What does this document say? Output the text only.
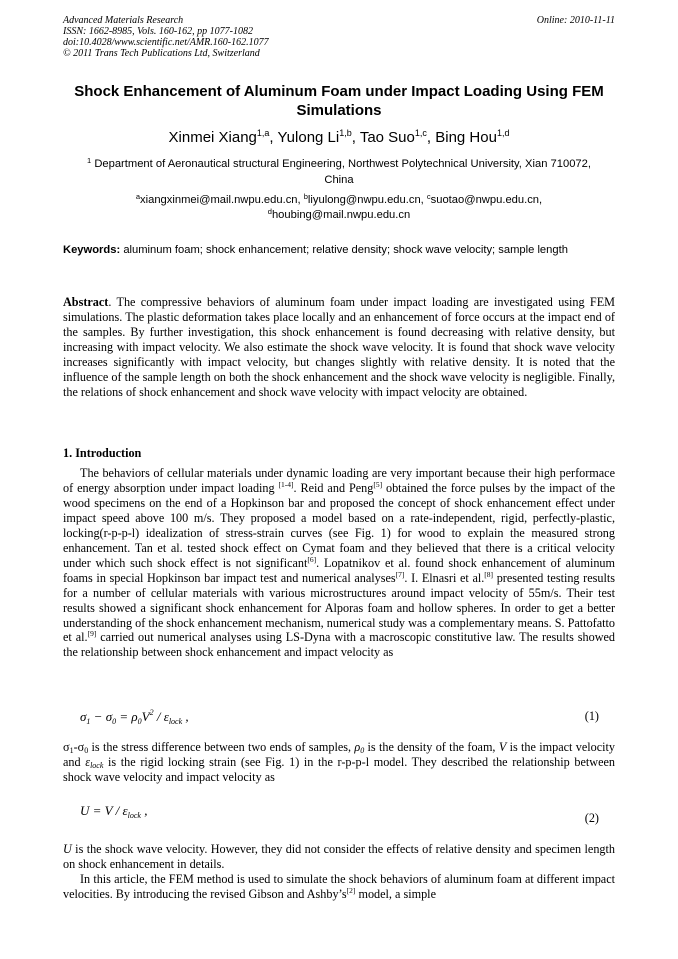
Advanced Materials Research
ISSN: 1662-8985, Vols. 160-162, pp 1077-1082
doi:10.4028/www.scientific.net/AMR.160-162.1077
© 2011 Trans Tech Publications Ltd, Switzerland
Online: 2010-11-11
Shock Enhancement of Aluminum Foam under Impact Loading Using FEM Simulations
Xinmei Xiang$^{1,a}$, Yulong Li$^{1,b}$, Tao Suo$^{1,c}$, Bing Hou$^{1,d}$
$^1$ Department of Aeronautical structural Engineering, Northwest Polytechnical University, Xian 710072, China
$^a$xiangxinmei@mail.nwpu.edu.cn, $^b$liyulong@nwpu.edu.cn, $^c$suotao@nwpu.edu.cn,
$^d$houbing@mail.nwpu.edu.cn
Keywords: aluminum foam; shock enhancement; relative density; shock wave velocity; sample length
Abstract. The compressive behaviors of aluminum foam under impact loading are investigated using FEM simulations. The plastic deformation takes place locally and an enhancement of force occurs at the impact end of the samples. By further investigation, this shock enhancement is found decreasing with relative density, but increasing with impact velocity. We also estimate the shock wave velocity. It is found that shock wave velocity increases significantly with impact velocity, but changes slightly with relative density. It is noted that the influence of the sample length on both the shock enhancement and the shock wave velocity is negligible. Finally, the relations of shock enhancement and shock wave velocity with impact velocity are obtained.
1. Introduction
The behaviors of cellular materials under dynamic loading are very important because their high performace of energy absorption under impact loading [1-4]. Reid and Peng[5] obtained the force pulses by the impact of the wood specimens on the end of a Hopkinson bar and proposed the concept of shock enhancement effect under impact speed above 100 m/s. They proposed a model based on a rate-independent, rigid, perfectly-plastic, locking(r-p-p-l) idealization of stress-strain curves (see Fig. 1) for wood to explain the measured strong enhancement. Tan et al. tested shock effect on Cymat foam and they believed that there is a critical velocity under which such shock effect is not significant[6]. Lopatnikov et al. found shock enhancement of aluminum foams in special Hopkinson bar impact test and numerical analyses[7]. I. Elnasri et al.[8] presented testing results for a number of cellular materials with various microstructures around impact velocity of 55m/s. Their test results showed a significant shock enhancement for Alporas foam and hollow spheres. In order to get a better understanding of the shock enhancement mechanism, numerical study was a complementary means. S. Pattofatto et al.[9] carried out numerical analyses using LS-Dyna with a macroscopic constitutive law. The results showed the relationship between shock enhancement and impact velocity as
$\sigma_1 - \sigma_0 = \rho_0V^2 / \varepsilon_{lock}$ ,	(1)
$\sigma_1-\sigma_0$ is the stress difference between two ends of samples, $\rho_0$ is the density of the foam, V is the impact velocity and $\varepsilon_{lock}$ is the rigid locking strain (see Fig. 1) in the r-p-p-l model. They described the relationship between shock wave velocity and impact velocity as
$U = V / \varepsilon_{lock}$ ,	(2)
U is the shock wave velocity. However, they did not consider the effects of relative density and specimen length on shock enhancement in details.
In this article, the FEM method is used to simulate the shock behaviors of aluminum foam at different impact velocities. By introducing the revised Gibson and Ashby’s[2] model, a simple
